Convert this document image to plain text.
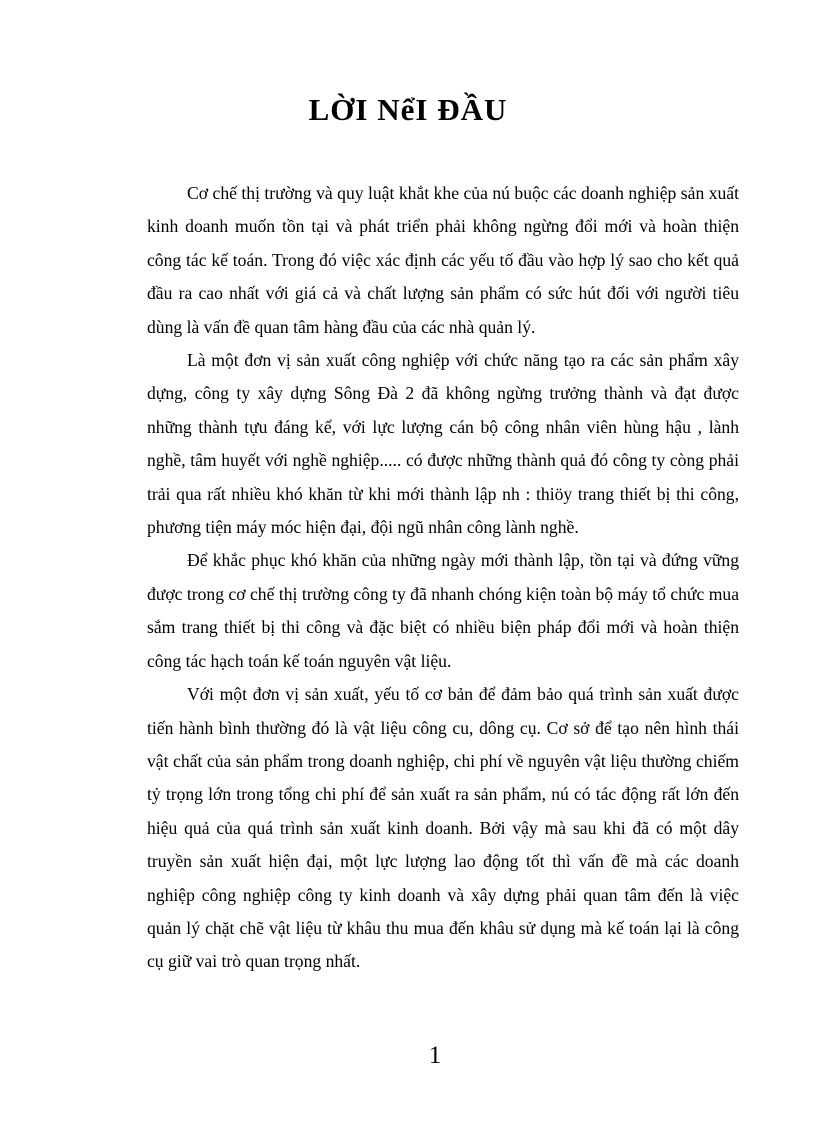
LỜI NểI ĐẦU

Cơ chế thị trường và quy luật khắt khe của nú buộc các doanh nghiệp sản xuất kinh doanh muốn tồn tại và phát triển phải không ngừng đổi mới và hoàn thiện công tác kế toán. Trong đó việc xác định các yếu tố đầu vào hợp lý sao cho kết quả đầu ra cao nhất với giá cả và chất lượng sản phẩm có sức hút đối với người tiêu dùng là vấn đề quan tâm hàng đầu của các nhà quản lý.

Là một đơn vị sản xuất công nghiệp với chức năng tạo ra các sản phẩm xây dựng, công ty xây dựng Sông Đà 2 đã không ngừng trưởng thành và đạt được những thành tựu đáng kể, với lực lượng cán bộ công nhân viên hùng hậu , lành nghề, tâm huyết với nghề nghiệp..... có được những thành quả đó công ty còng phải trải qua rất nhiều khó khăn từ khi mới thành lập nh : thiöy trang thiết bị thi công, phương tiện máy móc hiện đại, đội ngũ nhân công lành nghề.

Để khắc phục khó khăn của những ngày mới thành lập, tồn tại và đứng vững được trong cơ chế thị trường công ty đã nhanh chóng kiện toàn bộ máy tổ chức mua sắm trang thiết bị thi công và đặc biệt có nhiều biện pháp đổi mới và hoàn thiện công tác hạch toán kế toán nguyên vật liệu.

Với một đơn vị sản xuất, yếu tố cơ bản để đảm bảo quá trình sản xuất được tiến hành bình thường đó là vật liệu công cu, dông cụ. Cơ sở để tạo nên hình thái vật chất của sản phẩm trong doanh nghiệp, chi phí về nguyên vật liệu thường chiếm tỷ trọng lớn trong tổng chi phí để sản xuất ra sản phẩm, nú có tác động rất lớn đến hiệu quả của quá trình sản xuất kinh doanh. Bởi vậy mà sau khi đã có một dây truyền sản xuất hiện đại, một lực lượng lao động tốt thì vấn đề mà các doanh nghiệp công nghiệp công ty kinh doanh và xây dựng phải quan tâm đến là việc quản lý chặt chẽ vật liệu từ khâu thu mua đến khâu sử dụng mà kế toán lại là công cụ giữ vai trò quan trọng nhất.

1
